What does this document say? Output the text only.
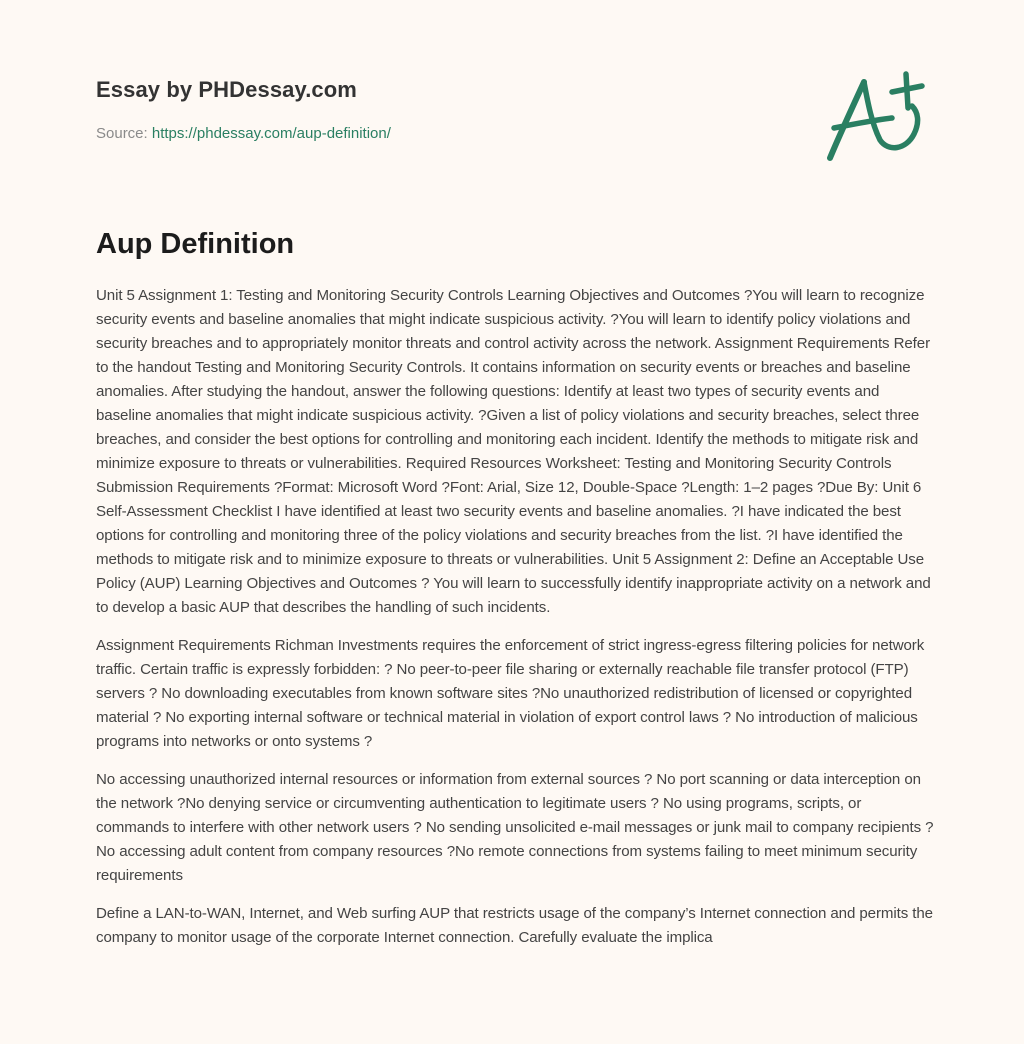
Essay by PHDessay.com
Source: https://phdessay.com/aup-definition/
Aup Definition

Unit 5 Assignment 1: Testing and Monitoring Security Controls Learning Objectives and Outcomes ?You will learn to recognize security events and baseline anomalies that might indicate suspicious activity. ?You will learn to identify policy violations and security breaches and to appropriately monitor threats and control activity across the network. Assignment Requirements Refer to the handout Testing and Monitoring Security Controls. It contains information on security events or breaches and baseline anomalies. After studying the handout, answer the following questions: Identify at least two types of security events and baseline anomalies that might indicate suspicious activity. ?Given a list of policy violations and security breaches, select three breaches, and consider the best options for controlling and monitoring each incident. Identify the methods to mitigate risk and minimize exposure to threats or vulnerabilities. Required Resources Worksheet: Testing and Monitoring Security Controls Submission Requirements ?Format: Microsoft Word ?Font: Arial, Size 12, Double-Space ?Length: 1–2 pages ?Due By: Unit 6 Self-Assessment Checklist I have identified at least two security events and baseline anomalies. ?I have indicated the best options for controlling and monitoring three of the policy violations and security breaches from the list. ?I have identified the methods to mitigate risk and to minimize exposure to threats or vulnerabilities. Unit 5 Assignment 2: Define an Acceptable Use Policy (AUP) Learning Objectives and Outcomes ? You will learn to successfully identify inappropriate activity on a network and to develop a basic AUP that describes the handling of such incidents.

Assignment Requirements Richman Investments requires the enforcement of strict ingress-egress filtering policies for network traffic. Certain traffic is expressly forbidden: ? No peer-to-peer file sharing or externally reachable file transfer protocol (FTP) servers ? No downloading executables from known software sites ?No unauthorized redistribution of licensed or copyrighted material ? No exporting internal software or technical material in violation of export control laws ? No introduction of malicious programs into networks or onto systems ?

No accessing unauthorized internal resources or information from external sources ? No port scanning or data interception on the network ?No denying service or circumventing authentication to legitimate users ? No using programs, scripts, or commands to interfere with other network users ? No sending unsolicited e-mail messages or junk mail to company recipients ? No accessing adult content from company resources ?No remote connections from systems failing to meet minimum security requirements

Define a LAN-to-WAN, Internet, and Web surfing AUP that restricts usage of the company’s Internet connection and permits the company to monitor usage of the corporate Internet connection. Carefully evaluate the implica
